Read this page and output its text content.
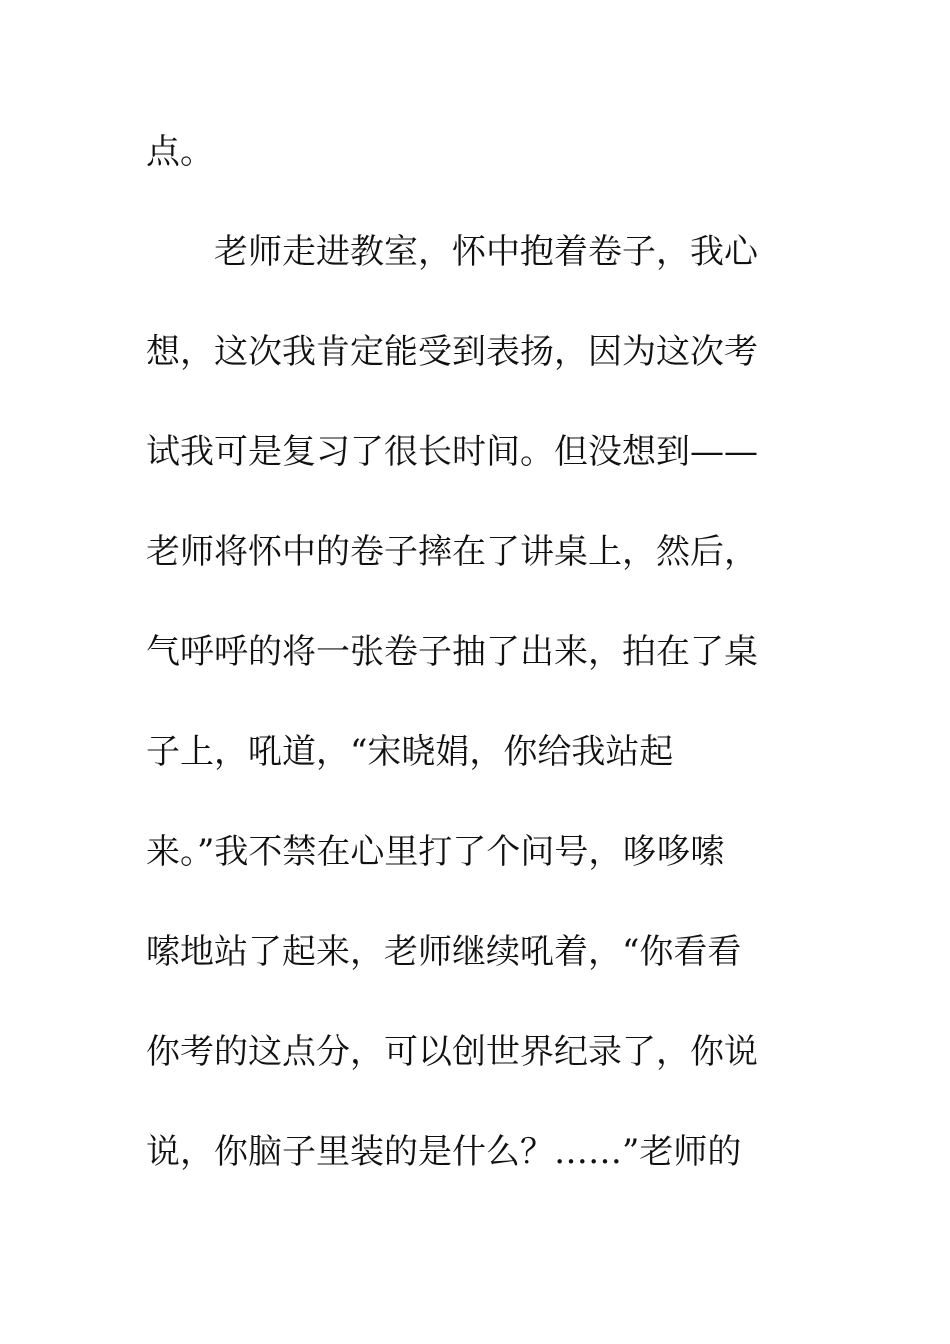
点。
老师走进教室，怀中抱着卷子，我心
想，这次我肯定能受到表扬，因为这次考
试我可是复习了很长时间。但没想到——
老师将怀中的卷子摔在了讲桌上，然后，
气呼呼的将一张卷子抽了出来，拍在了桌
子上，吼道，“宋晓娟，你给我站起
来。”我不禁在心里打了个问号，哆哆嗦
嗦地站了起来，老师继续吼着，“你看看
你考的这点分，可以创世界纪录了，你说
说，你脑子里装的是什么？……”老师的
